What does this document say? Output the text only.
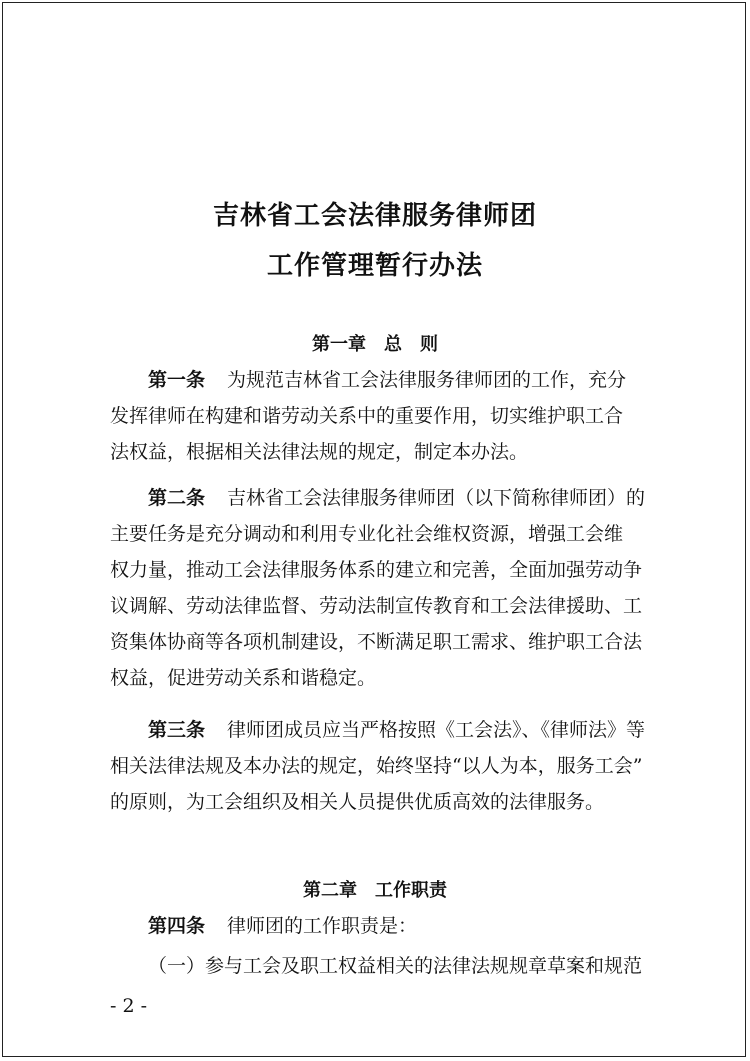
吉林省工会法律服务律师团
工作管理暂行办法
第一章　总　则
第一条 为规范吉林省工会法律服务律师团的工作，充分
发挥律师在构建和谐劳动关系中的重要作用，切实维护职工合
法权益，根据相关法律法规的规定，制定本办法。
第二条 吉林省工会法律服务律师团（以下简称律师团）的
主要任务是充分调动和利用专业化社会维权资源，增强工会维
权力量，推动工会法律服务体系的建立和完善，全面加强劳动争
议调解、劳动法律监督、劳动法制宣传教育和工会法律援助、工
资集体协商等各项机制建设，不断满足职工需求、维护职工合法
权益，促进劳动关系和谐稳定。
第三条 律师团成员应当严格按照《工会法》、《律师法》等
相关法律法规及本办法的规定，始终坚持“以人为本，服务工会”
的原则，为工会组织及相关人员提供优质高效的法律服务。
第二章　工作职责
第四条 律师团的工作职责是：
（一）参与工会及职工权益相关的法律法规规章草案和规范
- 2 -
